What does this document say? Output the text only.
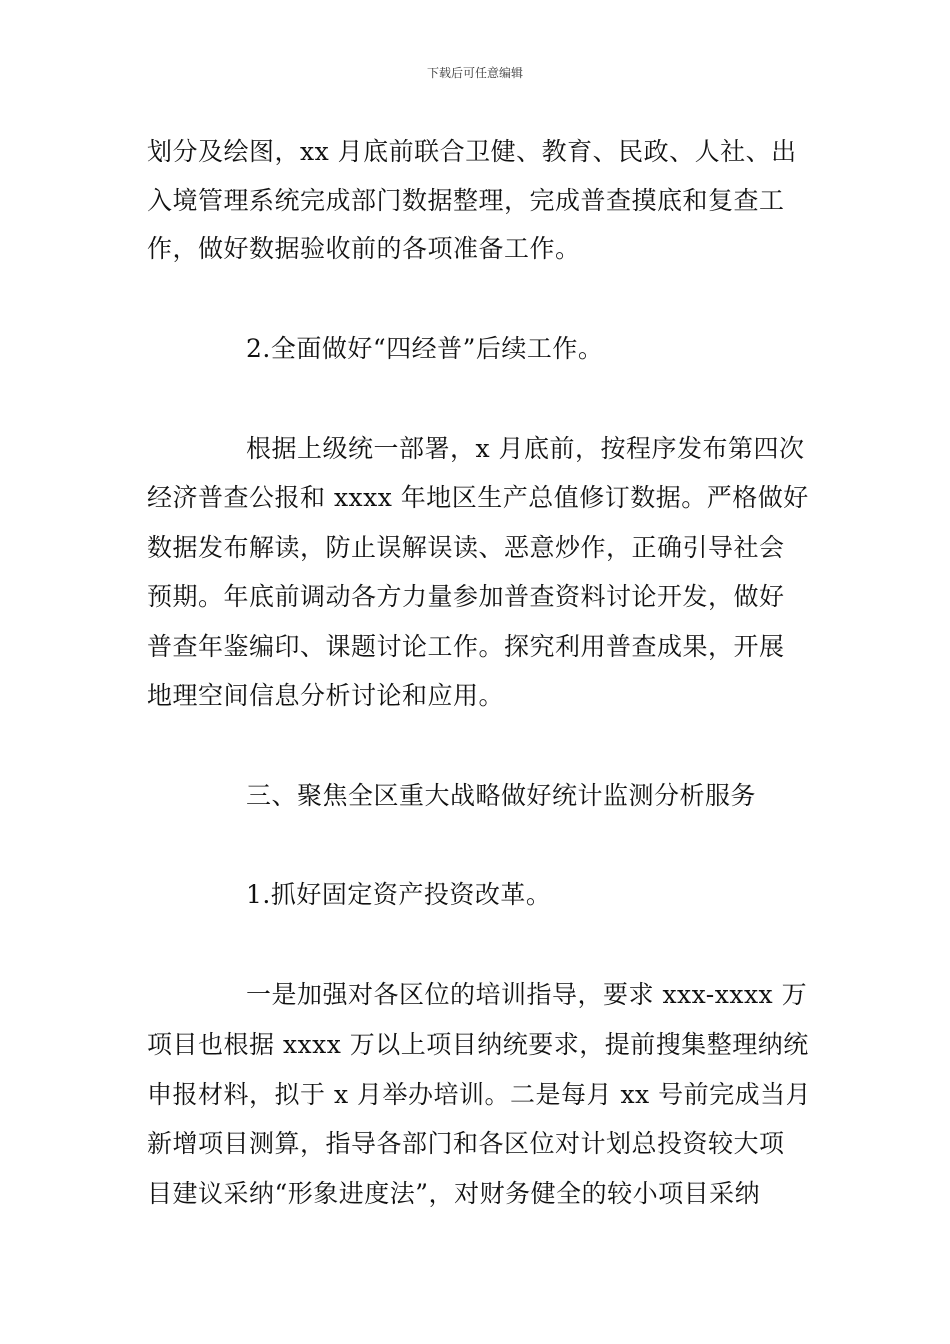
下载后可任意编辑
划分及绘图，xx 月底前联合卫健、教育、民政、人社、出
入境管理系统完成部门数据整理，完成普查摸底和复查工
作，做好数据验收前的各项准备工作。
2.全面做好“四经普”后续工作。
根据上级统一部署，x 月底前，按程序发布第四次
经济普查公报和 xxxx 年地区生产总值修订数据。严格做好
数据发布解读，防止误解误读、恶意炒作，正确引导社会
预期。年底前调动各方力量参加普查资料讨论开发，做好
普查年鉴编印、课题讨论工作。探究利用普查成果，开展
地理空间信息分析讨论和应用。
三、聚焦全区重大战略做好统计监测分析服务
1.抓好固定资产投资改革。
一是加强对各区位的培训指导，要求 xxx-xxxx 万
项目也根据 xxxx 万以上项目纳统要求，提前搜集整理纳统
申报材料，拟于 x 月举办培训。二是每月 xx 号前完成当月
新增项目测算，指导各部门和各区位对计划总投资较大项
目建议采纳“形象进度法”，对财务健全的较小项目采纳
